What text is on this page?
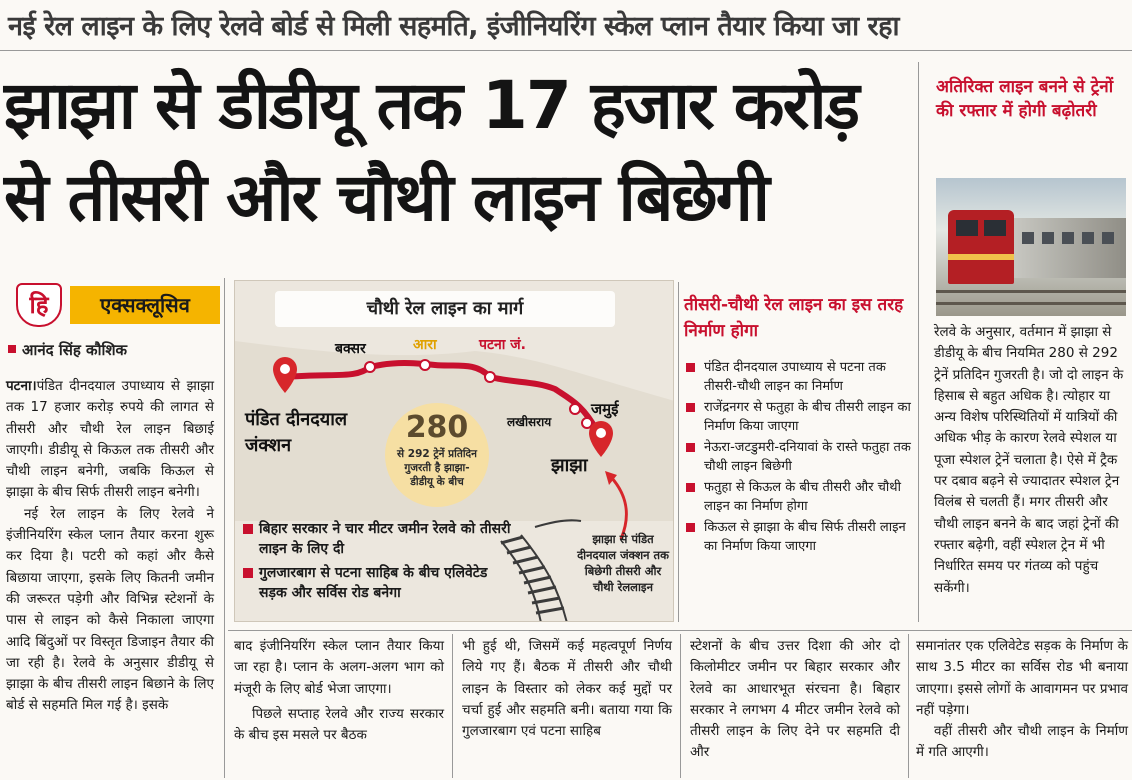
नई रेल लाइन के लिए रेलवे बोर्ड से मिली सहमति, इंजीनियरिंग स्केल प्लान तैयार किया जा रहा
झाझा से डीडीयू तक 17 हजार करोड़
से तीसरी और चौथी लाइन बिछेगी
अतिरिक्त लाइन बनने से ट्रेनों की रफ्तार में होगी बढ़ोतरी
रेलवे के अनुसार, वर्तमान में झाझा से डीडीयू के बीच नियमित 280 से 292 ट्रेनें प्रतिदिन गुजरती है। जो दो लाइन के हिसाब से बहुत अधिक है। त्योहार या अन्य विशेष परिस्थितियों में यात्रियों की अधिक भीड़ के कारण रेलवे स्पेशल या पूजा स्पेशल ट्रेनें चलाता है। ऐसे में ट्रैक पर दबाव बढ़ने से ज्यादातर स्पेशल ट्रेन विलंब से चलती हैं। मगर तीसरी और चौथी लाइन बनने के बाद जहां ट्रेनों की रफ्तार बढ़ेगी, वहीं स्पेशल ट्रेन में भी निर्धारित समय पर गंतव्य को पहुंच सकेंगी।
हि	एक्सक्लूसिव
आनंद सिंह कौशिक

पटना।पंडित दीनदयाल उपाध्याय से झाझा तक 17 हजार करोड़ रुपये की लागत से तीसरी और चौथी रेल लाइन बिछाई जाएगी। डीडीयू से किऊल तक तीसरी और चौथी लाइन बनेगी, जबकि किऊल से झाझा के बीच सिर्फ तीसरी लाइन बनेगी।

नई रेल लाइन के लिए रेलवे ने इंजीनियरिंग स्केल प्लान तैयार करना शुरू कर दिया है। पटरी को कहां और कैसे बिछाया जाएगा, इसके लिए कितनी जमीन की जरूरत पड़ेगी और विभिन्न स्टेशनों के पास से लाइन को कैसे निकाला जाएगा आदि बिंदुओं पर विस्तृत डिजाइन तैयार की जा रही है। रेलवे के अनुसार डीडीयू से झाझा के बीच तीसरी लाइन बिछाने के लिए बोर्ड से सहमति मिल गई है। इसके

चौथी रेल लाइन का मार्ग
पंडित दीनदयाल जंक्शन
बक्सर	आरा	पटना जं.
लखीसराय
जमुई
झाझा
280
से 292 ट्रेनें प्रतिदिन गुजरती है झाझा-डीडीयू के बीच
बिहार सरकार ने चार मीटर जमीन रेलवे को तीसरी लाइन के लिए दी
गुलजारबाग से पटना साहिब के बीच एलिवेटेड सड़क और सर्विस रोड बनेगा
झाझा से पंडित दीनदयाल जंक्शन तक बिछेगी तीसरी और चौथी रेललाइन
तीसरी-चौथी रेल लाइन का इस तरह निर्माण होगा
पंडित दीनदयाल उपाध्याय से पटना तक तीसरी-चौथी लाइन का निर्माण
राजेंद्रनगर से फतुहा के बीच तीसरी लाइन का निर्माण किया जाएगा
नेऊरा-जटडुमरी-दनियावां के रास्ते फतुहा तक चौथी लाइन बिछेगी
फतुहा से किऊल के बीच तीसरी और चौथी लाइन का निर्माण होगा
किऊल से झाझा के बीच सिर्फ तीसरी लाइन का निर्माण किया जाएगा

बाद इंजीनियरिंग स्केल प्लान तैयार किया जा रहा है। प्लान के अलग-अलग भाग को मंजूरी के लिए बोर्ड भेजा जाएगा।

पिछले सप्ताह रेलवे और राज्य सरकार के बीच इस मसले पर बैठक

भी हुई थी, जिसमें कई महत्वपूर्ण निर्णय लिये गए हैं। बैठक में तीसरी और चौथी लाइन के विस्तार को लेकर कई मुद्दों पर चर्चा हुई और सहमति बनी। बताया गया कि गुलजारबाग एवं पटना साहिब

स्टेशनों के बीच उत्तर दिशा की ओर दो किलोमीटर जमीन पर बिहार सरकार और रेलवे का आधारभूत संरचना है। बिहार सरकार ने लगभग 4 मीटर जमीन रेलवे को तीसरी लाइन के लिए देने पर सहमति दी और

समानांतर एक एलिवेटेड सड़क के निर्माण के साथ 3.5 मीटर का सर्विस रोड भी बनाया जाएगा। इससे लोगों के आवागमन पर प्रभाव नहीं पड़ेगा।

वहीं तीसरी और चौथी लाइन के निर्माण में गति आएगी।
